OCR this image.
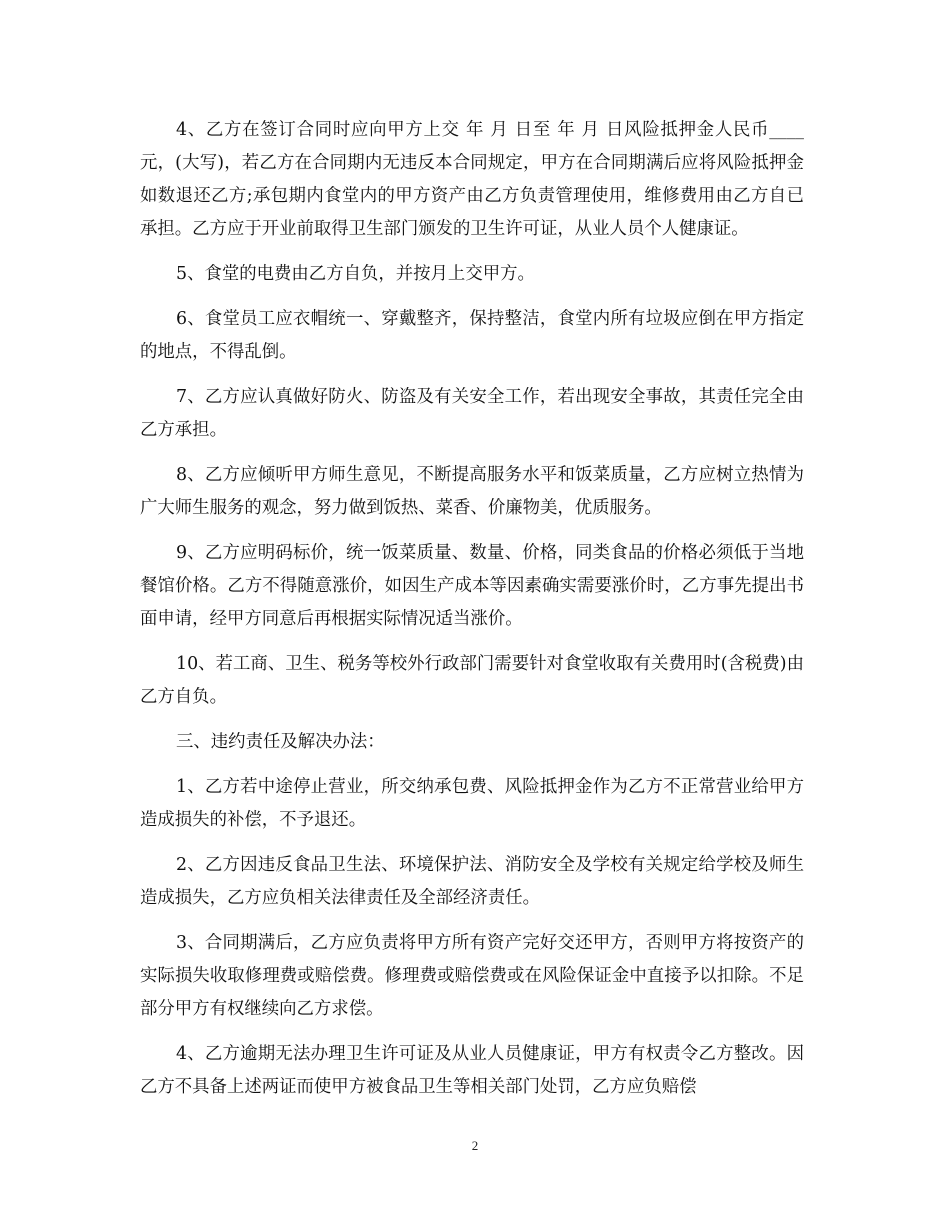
4、乙方在签订合同时应向甲方上交 年 月 日至 年 月 日风险抵押金人民币____元，(大写)，若乙方在合同期内无违反本合同规定，甲方在合同期满后应将风险抵押金如数退还乙方;承包期内食堂内的甲方资产由乙方负责管理使用，维修费用由乙方自已承担。乙方应于开业前取得卫生部门颁发的卫生许可证，从业人员个人健康证。

5、食堂的电费由乙方自负，并按月上交甲方。

6、食堂员工应衣帽统一、穿戴整齐，保持整洁，食堂内所有垃圾应倒在甲方指定的地点，不得乱倒。

7、乙方应认真做好防火、防盗及有关安全工作，若出现安全事故，其责任完全由乙方承担。

8、乙方应倾听甲方师生意见，不断提高服务水平和饭菜质量，乙方应树立热情为广大师生服务的观念，努力做到饭热、菜香、价廉物美，优质服务。

9、乙方应明码标价，统一饭菜质量、数量、价格，同类食品的价格必须低于当地餐馆价格。乙方不得随意涨价，如因生产成本等因素确实需要涨价时，乙方事先提出书面申请，经甲方同意后再根据实际情况适当涨价。

10、若工商、卫生、税务等校外行政部门需要针对食堂收取有关费用时(含税费)由乙方自负。

三、违约责任及解决办法：

1、乙方若中途停止营业，所交纳承包费、风险抵押金作为乙方不正常营业给甲方造成损失的补偿，不予退还。

2、乙方因违反食品卫生法、环境保护法、消防安全及学校有关规定给学校及师生造成损失，乙方应负相关法律责任及全部经济责任。

3、合同期满后，乙方应负责将甲方所有资产完好交还甲方，否则甲方将按资产的实际损失收取修理费或赔偿费。修理费或赔偿费或在风险保证金中直接予以扣除。不足部分甲方有权继续向乙方求偿。

4、乙方逾期无法办理卫生许可证及从业人员健康证，甲方有权责令乙方整改。因乙方不具备上述两证而使甲方被食品卫生等相关部门处罚，乙方应负赔偿

2
